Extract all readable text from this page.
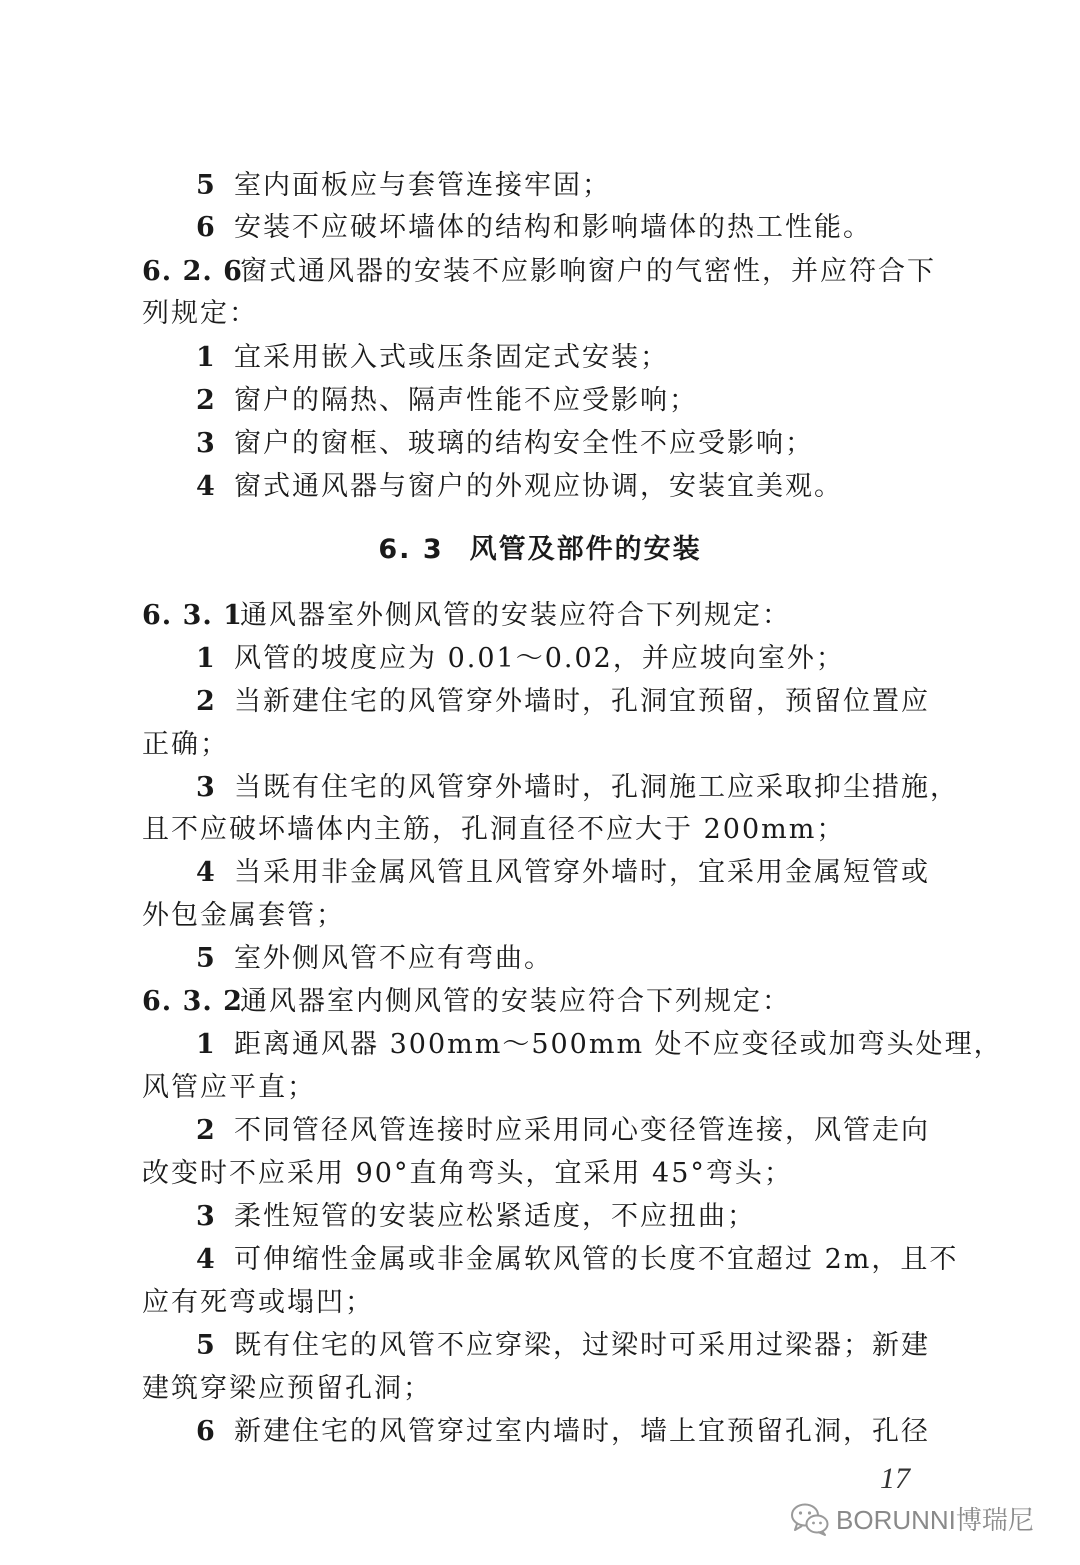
5 室内面板应与套管连接牢固；
6 安装不应破坏墙体的结构和影响墙体的热工性能。
6. 2. 6窗式通风器的安装不应影响窗户的气密性，并应符合下
列规定：
1 宜采用嵌入式或压条固定式安装；
2 窗户的隔热、隔声性能不应受影响；
3 窗户的窗框、玻璃的结构安全性不应受影响；
4 窗式通风器与窗户的外观应协调，安装宜美观。
6. 3 风管及部件的安装
6. 3. 1通风器室外侧风管的安装应符合下列规定：
1 风管的坡度应为 0.01～0.02，并应坡向室外；
2 当新建住宅的风管穿外墙时，孔洞宜预留，预留位置应
正确；
3 当既有住宅的风管穿外墙时，孔洞施工应采取抑尘措施，
且不应破坏墙体内主筋，孔洞直径不应大于 200mm；
4 当采用非金属风管且风管穿外墙时，宜采用金属短管或
外包金属套管；
5 室外侧风管不应有弯曲。
6. 3. 2通风器室内侧风管的安装应符合下列规定：
1 距离通风器 300mm～500mm 处不应变径或加弯头处理，
风管应平直；
2 不同管径风管连接时应采用同心变径管连接，风管走向
改变时不应采用 90°直角弯头，宜采用 45°弯头；
3 柔性短管的安装应松紧适度，不应扭曲；
4 可伸缩性金属或非金属软风管的长度不宜超过 2m，且不
应有死弯或塌凹；
5 既有住宅的风管不应穿梁，过梁时可采用过梁器；新建
建筑穿梁应预留孔洞；
6 新建住宅的风管穿过室内墙时，墙上宜预留孔洞，孔径
17
BORUNNI博瑞尼
